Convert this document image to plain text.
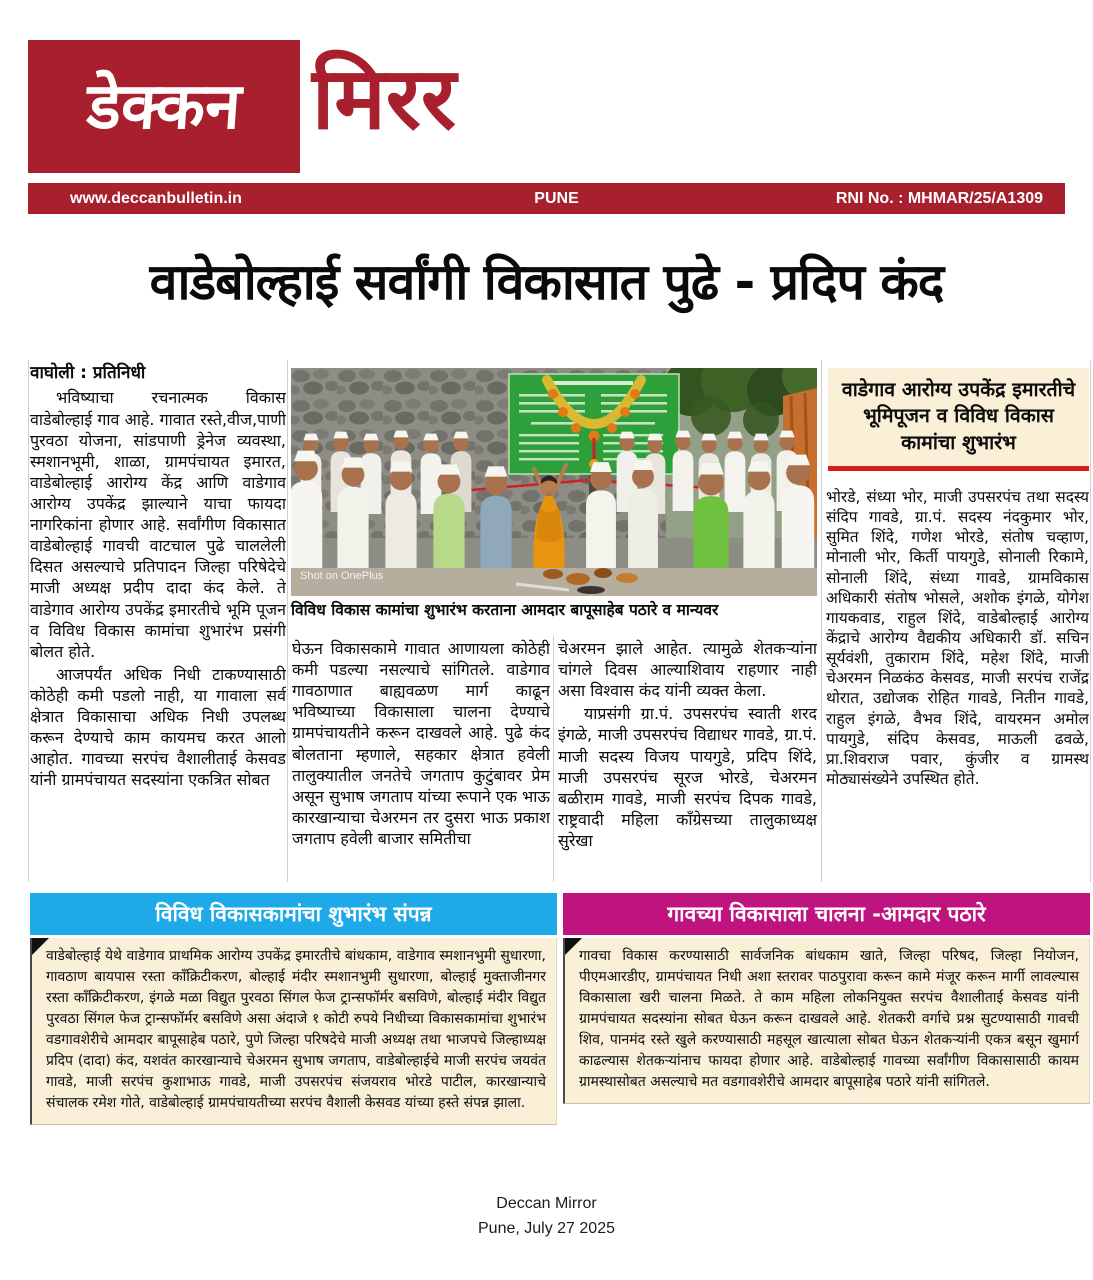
डेक्कन मिरर
www.deccanbulletin.in	PUNE	RNI No. : MHMAR/25/A1309
वाडेबोल्हाई सर्वांगी विकासात पुढे - प्रदिप कंद
वाघोली : प्रतिनिधी

भविष्याचा रचनात्मक विकास वाडेबोल्हाई गाव आहे. गावात रस्ते,वीज,पाणी पुरवठा योजना, सांडपाणी ड्रेनेज व्यवस्था, स्मशानभूमी, शाळा, ग्रामपंचायत इमारत, वाडेबोल्हाई आरोग्य केंद्र आणि वाडेगाव आरोग्य उपकेंद्र झाल्याने याचा फायदा नागरिकांना होणार आहे. सर्वांगीण विकासात वाडेबोल्हाई गावची वाटचाल पुढे चाललेली दिसत असल्याचे प्रतिपादन जिल्हा परिषेदेचे माजी अध्यक्ष प्रदीप दादा कंद केले. ते वाडेगाव आरोग्य उपकेंद्र इमारतीचे भूमि पूजन व विविध विकास कामांचा शुभारंभ प्रसंगी बोलत होते.

आजपर्यंत अधिक निधी टाकण्यासाठी कोठेही कमी पडलो नाही, या गावाला सर्व क्षेत्रात विकासाचा अधिक निधी उपलब्ध करून देण्याचे काम कायमच करत आलो आहोत. गावच्या सरपंच वैशालीताई केसवड यांनी ग्रामपंचायत सदस्यांना एकत्रित सोबत

Shot on OnePlus
विविध विकास कामांचा शुभारंभ करताना आमदार बापूसाहेब पठारे व मान्यवर

घेऊन विकासकामे गावात आणायला कोठेही कमी पडल्या नसल्याचे सांगितले. वाडेगाव गावठाणात बाह्यवळण मार्ग काढून भविष्याच्या विकासाला चालना देण्याचे ग्रामपंचायतीने करून दाखवले आहे. पुढे कंद बोलताना म्हणाले, सहकार क्षेत्रात हवेली तालुक्यातील जनतेचे जगताप कुटुंबावर प्रेम असून सुभाष जगताप यांच्या रूपाने एक भाऊ कारखान्याचा चेअरमन तर दुसरा भाऊ प्रकाश जगताप हवेली बाजार समितीचा

चेअरमन झाले आहेत. त्यामुळे शेतकऱ्यांना चांगले दिवस आल्याशिवाय राहणार नाही असा विश्वास कंद यांनी व्यक्त केला.

याप्रसंगी ग्रा.पं. उपसरपंच स्वाती शरद इंगळे, माजी उपसरपंच विद्याधर गावडे, ग्रा.पं. माजी सदस्य विजय पायगुडे, प्रदिप शिंदे, माजी उपसरपंच सूरज भोरडे, चेअरमन बळीराम गावडे, माजी सरपंच दिपक गावडे, राष्ट्रवादी महिला काँग्रेसच्या तालुकाध्यक्ष सुरेखा

वाडेगाव आरोग्य उपकेंद्र इमारतीचे भूमिपूजन व विविध विकास कामांचा शुभारंभ
भोरडे, संध्या भोर, माजी उपसरपंच तथा सदस्य संदिप गावडे, ग्रा.पं. सदस्य नंदकुमार भोर, सुमित शिंदे, गणेश भोरडे, संतोष चव्हाण, मोनाली भोर, किर्ती पायगुडे, सोनाली रिकामे, सोनाली शिंदे, संध्या गावडे, ग्रामविकास अधिकारी संतोष भोसले, अशोक इंगळे, योगेश गायकवाड, राहुल शिंदे, वाडेबोल्हाई आरोग्य केंद्राचे आरोग्य वैद्यकीय अधिकारी डॉ. सचिन सूर्यवंशी, तुकाराम शिंदे, महेश शिंदे, माजी चेअरमन निळकंठ केसवड, माजी सरपंच राजेंद्र थोरात, उद्योजक रोहित गावडे, नितीन गावडे, राहुल इंगळे, वैभव शिंदे, वायरमन अमोल पायगुडे, संदिप केसवड, माऊली ढवळे, प्रा.शिवराज पवार, कुंजीर व ग्रामस्थ मोठ्यासंख्येने उपस्थित होते.
विविध विकासकामांचा शुभारंभ संपन्न
वाडेबोल्हाई येथे वाडेगाव प्राथमिक आरोग्य उपकेंद्र इमारतीचे बांधकाम, वाडेगाव स्मशानभुमी सुधारणा, गावठाण बायपास रस्ता कॉंक्रिटीकरण, बोल्हाई मंदीर स्मशानभुमी सुधारणा, बोल्हाई मुक्ताजीनगर रस्ता कॉंक्रिटीकरण, इंगळे मळा विद्युत पुरवठा सिंगल फेज ट्रान्सफॉर्मर बसविणे, बोल्हाई मंदीर विद्युत पुरवठा सिंगल फेज ट्रान्सफॉर्मर बसविणे असा अंदाजे १ कोटी रुपये निधीच्या विकासकामांचा शुभारंभ वडगावशेरीचे आमदार बापूसाहेब पठारे, पुणे जिल्हा परिषदेचे माजी अध्यक्ष तथा भाजपचे जिल्हाध्यक्ष प्रदिप (दादा) कंद, यशवंत कारखान्याचे चेअरमन सुभाष जगताप, वाडेबोल्हाईचे माजी सरपंच जयवंत गावडे, माजी सरपंच कुशाभाऊ गावडे, माजी उपसरपंच संजयराव भोरडे पाटील, कारखान्याचे संचालक रमेश गोते, वाडेबोल्हाई ग्रामपंचायतीच्या सरपंच वैशाली केसवड यांच्या हस्ते संपन्न झाला.
गावच्या विकासाला चालना -आमदार पठारे
गावचा विकास करण्यासाठी सार्वजनिक बांधकाम खाते, जिल्हा परिषद, जिल्हा नियोजन, पीएमआरडीए, ग्रामपंचायत निधी अशा स्तरावर पाठपुरावा करून कामे मंजूर करून मार्गी लावल्यास विकासाला खरी चालना मिळते. ते काम महिला लोकनियुक्त सरपंच वैशालीताई केसवड यांनी ग्रामपंचायत सदस्यांना सोबत घेऊन करून दाखवले आहे. शेतकरी वर्गाचे प्रश्न सुटण्यासाठी गावची शिव, पानमंद रस्ते खुले करण्यासाठी महसूल खात्याला सोबत घेऊन शेतकऱ्यांनी एकत्र बसून खुमार्ग काढल्यास शेतकऱ्यांनाच फायदा होणार आहे. वाडेबोल्हाई गावच्या सर्वांगीण विकासासाठी कायम ग्रामस्थासोबत असल्याचे मत वडगावशेरीचे आमदार बापूसाहेब पठारे यांनी सांगितले.
Deccan Mirror
Pune, July 27 2025
